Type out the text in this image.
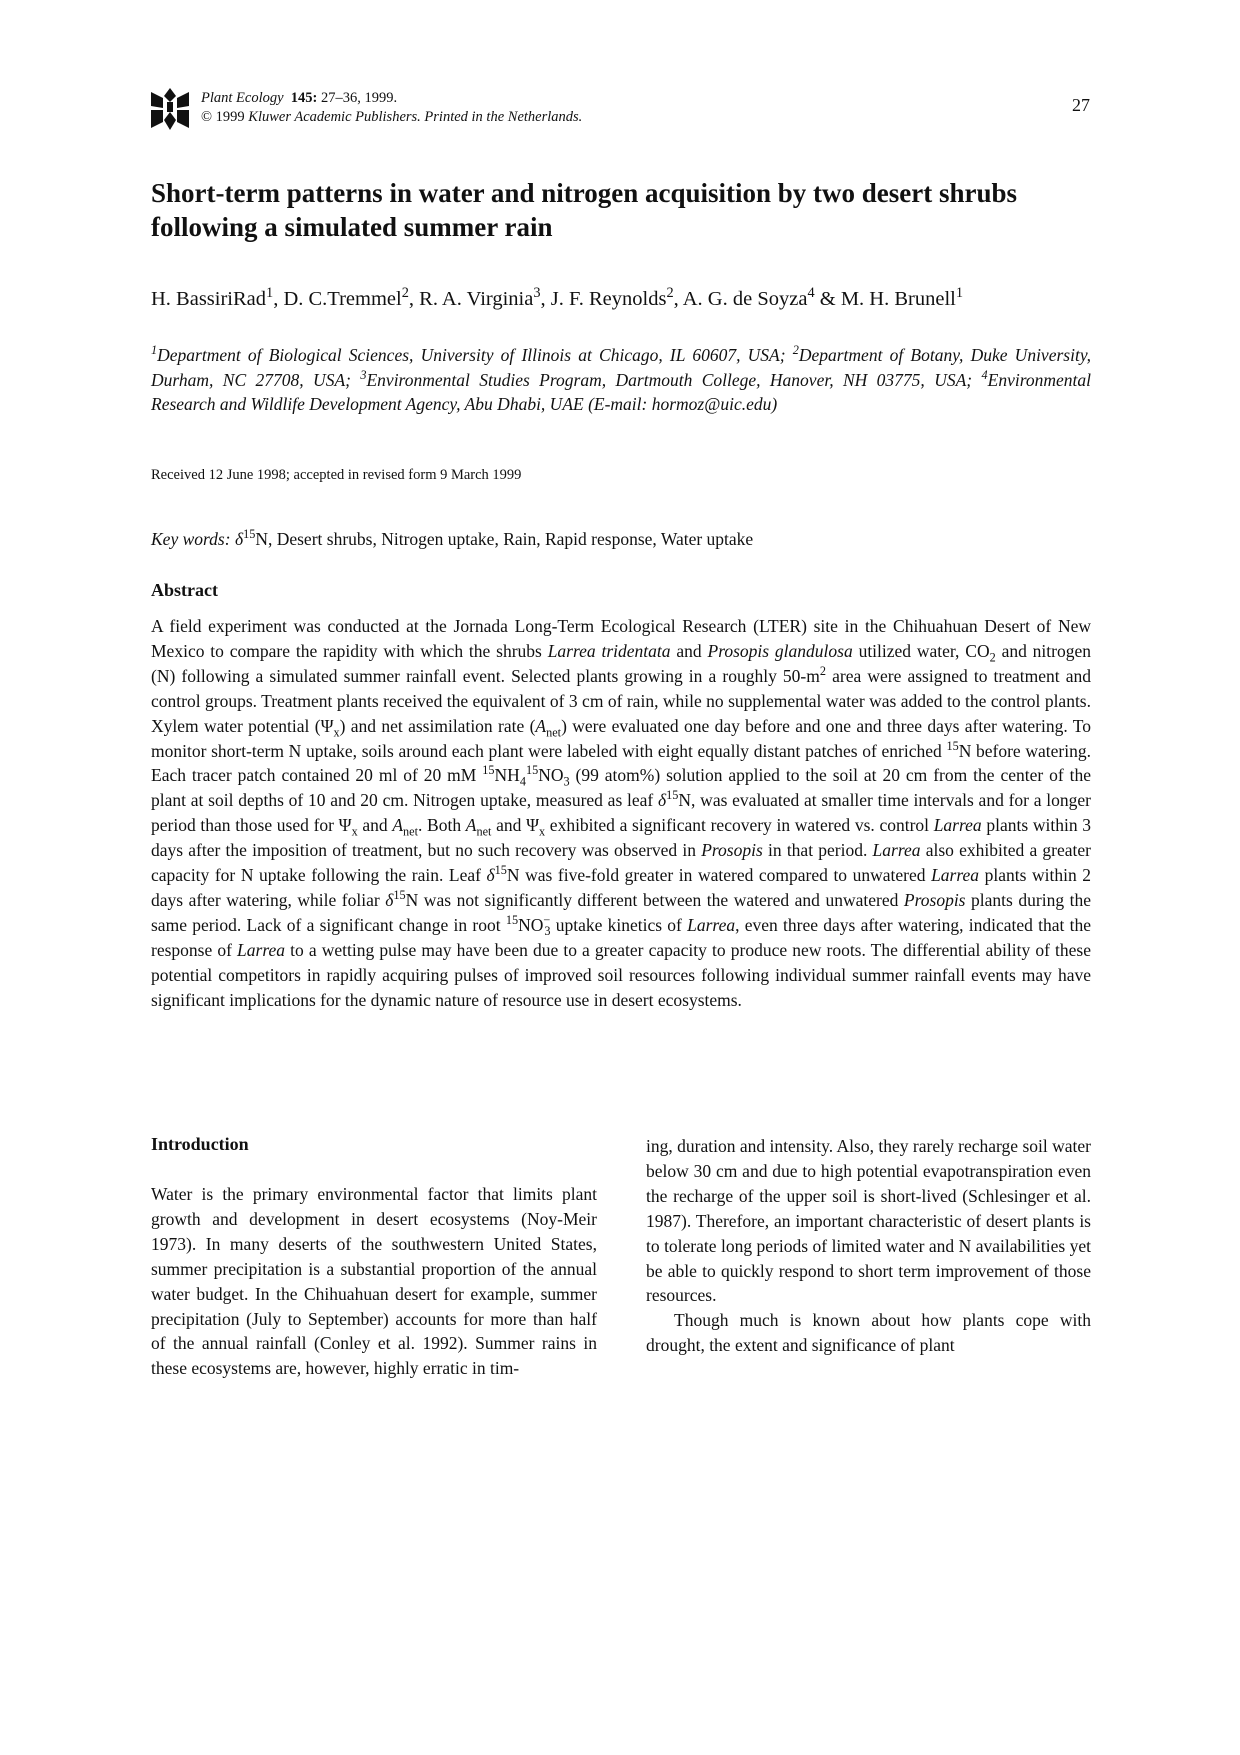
Plant Ecology 145: 27–36, 1999.
© 1999 Kluwer Academic Publishers. Printed in the Netherlands.
27
Short-term patterns in water and nitrogen acquisition by two desert shrubs following a simulated summer rain
H. BassiriRad$^1$, D. C.Tremmel$^2$, R. A. Virginia$^3$, J. F. Reynolds$^2$, A. G. de Soyza$^4$ & M. H. Brunell$^1$
$^1$Department of Biological Sciences, University of Illinois at Chicago, IL 60607, USA; $^2$Department of Botany, Duke University, Durham, NC 27708, USA; $^3$Environmental Studies Program, Dartmouth College, Hanover, NH 03775, USA; $^4$Environmental Research and Wildlife Development Agency, Abu Dhabi, UAE (E-mail: hormoz@uic.edu)
Received 12 June 1998; accepted in revised form 9 March 1999
Key words: $\delta^{15}N$, Desert shrubs, Nitrogen uptake, Rain, Rapid response, Water uptake
Abstract
A field experiment was conducted at the Jornada Long-Term Ecological Research (LTER) site in the Chihuahuan Desert of New Mexico to compare the rapidity with which the shrubs Larrea tridentata and Prosopis glandulosa utilized water, $CO_2$ and nitrogen (N) following a simulated summer rainfall event. Selected plants growing in a roughly $50-m^2$ area were assigned to treatment and control groups. Treatment plants received the equivalent of 3 cm of rain, while no supplemental water was added to the control plants. Xylem water potential $(\Psi_x)$ and net assimilation rate $(A_{net})$ were evaluated one day before and one and three days after watering. To monitor short-term N uptake, soils around each plant were labeled with eight equally distant patches of enriched $^{15}$N before watering. Each tracer patch contained 20 ml of 20 mM $^{15}NH_4^{15}NO_3$ (99 atom%) solution applied to the soil at 20 cm from the center of the plant at soil depths of 10 and 20 cm. Nitrogen uptake, measured as leaf $\delta^{15}N$, was evaluated at smaller time intervals and for a longer period than those used for $\Psi_x$ and $A_{net}$. Both $A_{net}$ and $\Psi_x$ exhibited a significant recovery in watered vs. control Larrea plants within 3 days after the imposition of treatment, but no such recovery was observed in Prosopis in that period. Larrea also exhibited a greater capacity for N uptake following the rain. Leaf $\delta^{15}N$ was five-fold greater in watered compared to unwatered Larrea plants within 2 days after watering, while foliar $\delta^{15}N$ was not significantly different between the watered and unwatered Prosopis plants during the same period. Lack of a significant change in root $^{15}NO^-_3$ uptake kinetics of Larrea, even three days after watering, indicated that the response of Larrea to a wetting pulse may have been due to a greater capacity to produce new roots. The differential ability of these potential competitors in rapidly acquiring pulses of improved soil resources following individual summer rainfall events may have significant implications for the dynamic nature of resource use in desert ecosystems.
Introduction
Water is the primary environmental factor that limits plant growth and development in desert ecosystems (Noy-Meir 1973). In many deserts of the southwestern United States, summer precipitation is a substantial proportion of the annual water budget. In the Chihuahuan desert for example, summer precipitation (July to September) accounts for more than half of the annual rainfall (Conley et al. 1992). Summer rains in these ecosystems are, however, highly erratic in tim-

ing, duration and intensity. Also, they rarely recharge soil water below 30 cm and due to high potential evapotranspiration even the recharge of the upper soil is short-lived (Schlesinger et al. 1987). Therefore, an important characteristic of desert plants is to tolerate long periods of limited water and N availabilities yet be able to quickly respond to short term improvement of those resources.

Though much is known about how plants cope with drought, the extent and significance of plant
